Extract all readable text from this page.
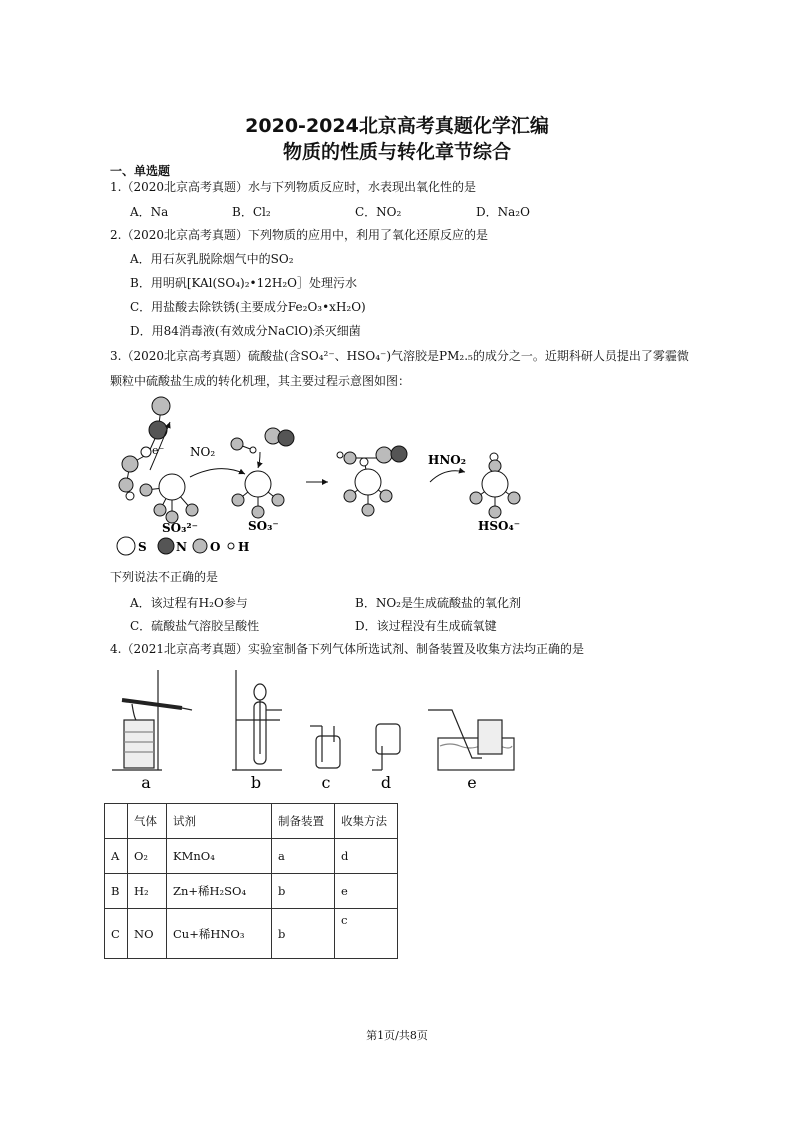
2020-2024北京高考真题化学汇编
物质的性质与转化章节综合
一、单选题
1.（2020北京高考真题）水与下列物质反应时，水表现出氧化性的是
A．Na	B．Cl₂	C．NO₂	D．Na₂O
2.（2020北京高考真题）下列物质的应用中，利用了氧化还原反应的是
A．用石灰乳脱除烟气中的SO₂
B．用明矾[KAl(SO₄)₂•12H₂O］处理污水
C．用盐酸去除铁锈(主要成分Fe₂O₃•xH₂O)
D．用84消毒液(有效成分NaClO)杀灭细菌
3.（2020北京高考真题）硫酸盐(含SO₄²⁻、HSO₄⁻)气溶胶是PM₂.₅的成分之一。近期科研人员提出了雾霾微
颗粒中硫酸盐生成的转化机理，其主要过程示意图如图：
e⁻ NO₂
HNO₂
SO₃²⁻	SO₃⁻	HSO₄⁻
S N O H
下列说法不正确的是
A．该过程有H₂O参与	B．NO₂是生成硫酸盐的氧化剂
C．硫酸盐气溶胶呈酸性	D．该过程没有生成硫氧键
4.（2021北京高考真题）实验室制备下列气体所选试剂、制备装置及收集方法均正确的是
a	b	c	d	e
	气体	试剂	制备装置	收集方法
A	O₂	KMnO₄	a	d
B	H₂	Zn+稀H₂SO₄	b	e
C	NO	Cu+稀HNO₃	b	c
第1页/共8页
